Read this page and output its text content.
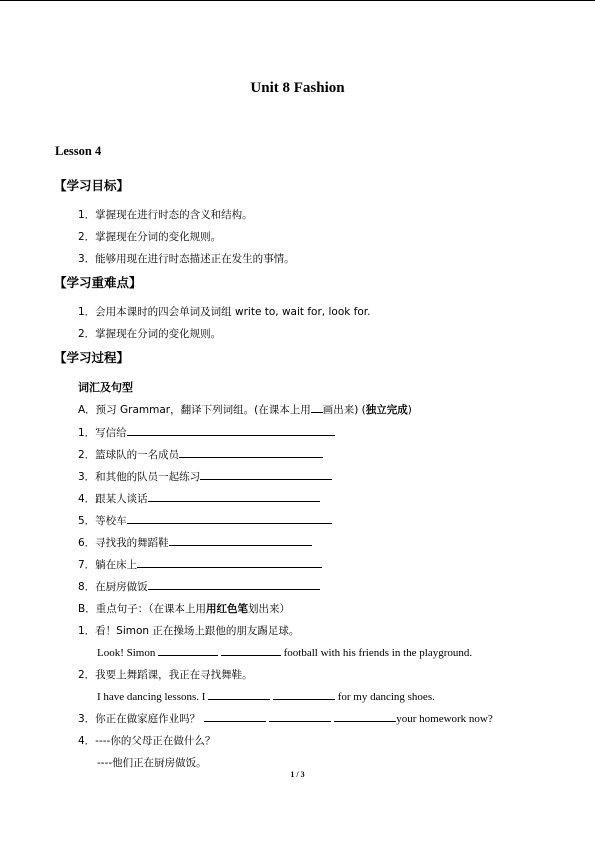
Unit 8 Fashion
Lesson 4
【学习目标】
1．掌握现在进行时态的含义和结构。
2．掌握现在分词的变化规则。
3．能够用现在进行时态描述正在发生的事情。
【学习重难点】
1．会用本课时的四会单词及词组 write to, wait for, look for.
2．掌握现在分词的变化规则。
【学习过程】
词汇及句型
A．预习 Grammar，翻译下列词组。(在课本上用 画出来) (独立完成)
1．写信给
2．篮球队的一名成员
3．和其他的队员一起练习
4．跟某人谈话
5．等校车
6．寻找我的舞蹈鞋
7．躺在床上
8．在厨房做饭
B．重点句子：（在课本上用用红色笔划出来）
1．看！Simon 正在操场上跟他的朋友踢足球。
Look! Simon	football with his friends in the playground.
2．我要上舞蹈课，我正在寻找舞鞋。
I have dancing lessons. I	for my dancing shoes.
3．你正在做家庭作业吗？	your homework now?
4．----你的父母正在做什么？
----他们正在厨房做饭。
1 / 3
